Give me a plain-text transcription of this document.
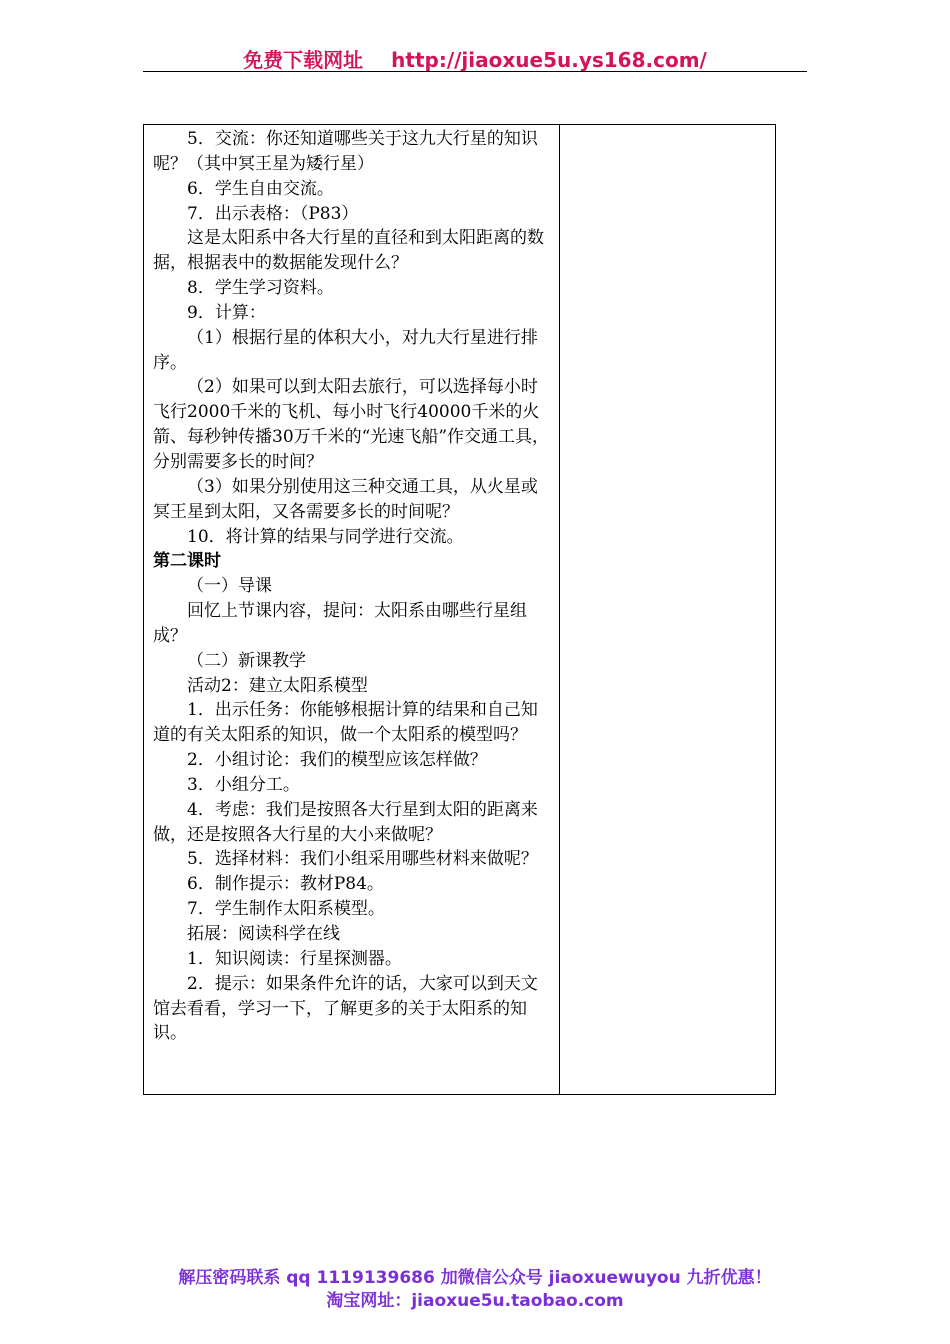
免费下载网址 http://jiaoxue5u.ys168.com/

5．交流：你还知道哪些关于这九大行星的知识呢？（其中冥王星为矮行星）

6．学生自由交流。

7．出示表格：（P83）

这是太阳系中各大行星的直径和到太阳距离的数据，根据表中的数据能发现什么？

8．学生学习资料。

9．计算：

（1）根据行星的体积大小，对九大行星进行排序。

（2）如果可以到太阳去旅行，可以选择每小时飞行2000千米的飞机、每小时飞行40000千米的火箭、每秒钟传播30万千米的“光速飞船”作交通工具，分别需要多长的时间？

（3）如果分别使用这三种交通工具，从火星或冥王星到太阳，又各需要多长的时间呢？

10．将计算的结果与同学进行交流。

第二课时

（一）导课

回忆上节课内容，提问：太阳系由哪些行星组成？

（二）新课教学

活动2：建立太阳系模型

1．出示任务：你能够根据计算的结果和自己知道的有关太阳系的知识，做一个太阳系的模型吗？

2．小组讨论：我们的模型应该怎样做？

3．小组分工。

4．考虑：我们是按照各大行星到太阳的距离来做，还是按照各大行星的大小来做呢？

5．选择材料：我们小组采用哪些材料来做呢？

6．制作提示：教材P84。

7．学生制作太阳系模型。

拓展：阅读科学在线

1．知识阅读：行星探测器。

2．提示：如果条件允许的话，大家可以到天文馆去看看，学习一下，了解更多的关于太阳系的知识。

解压密码联系 qq 1119139686 加微信公众号 jiaoxuewuyou 九折优惠！
淘宝网址：jiaoxue5u.taobao.com
